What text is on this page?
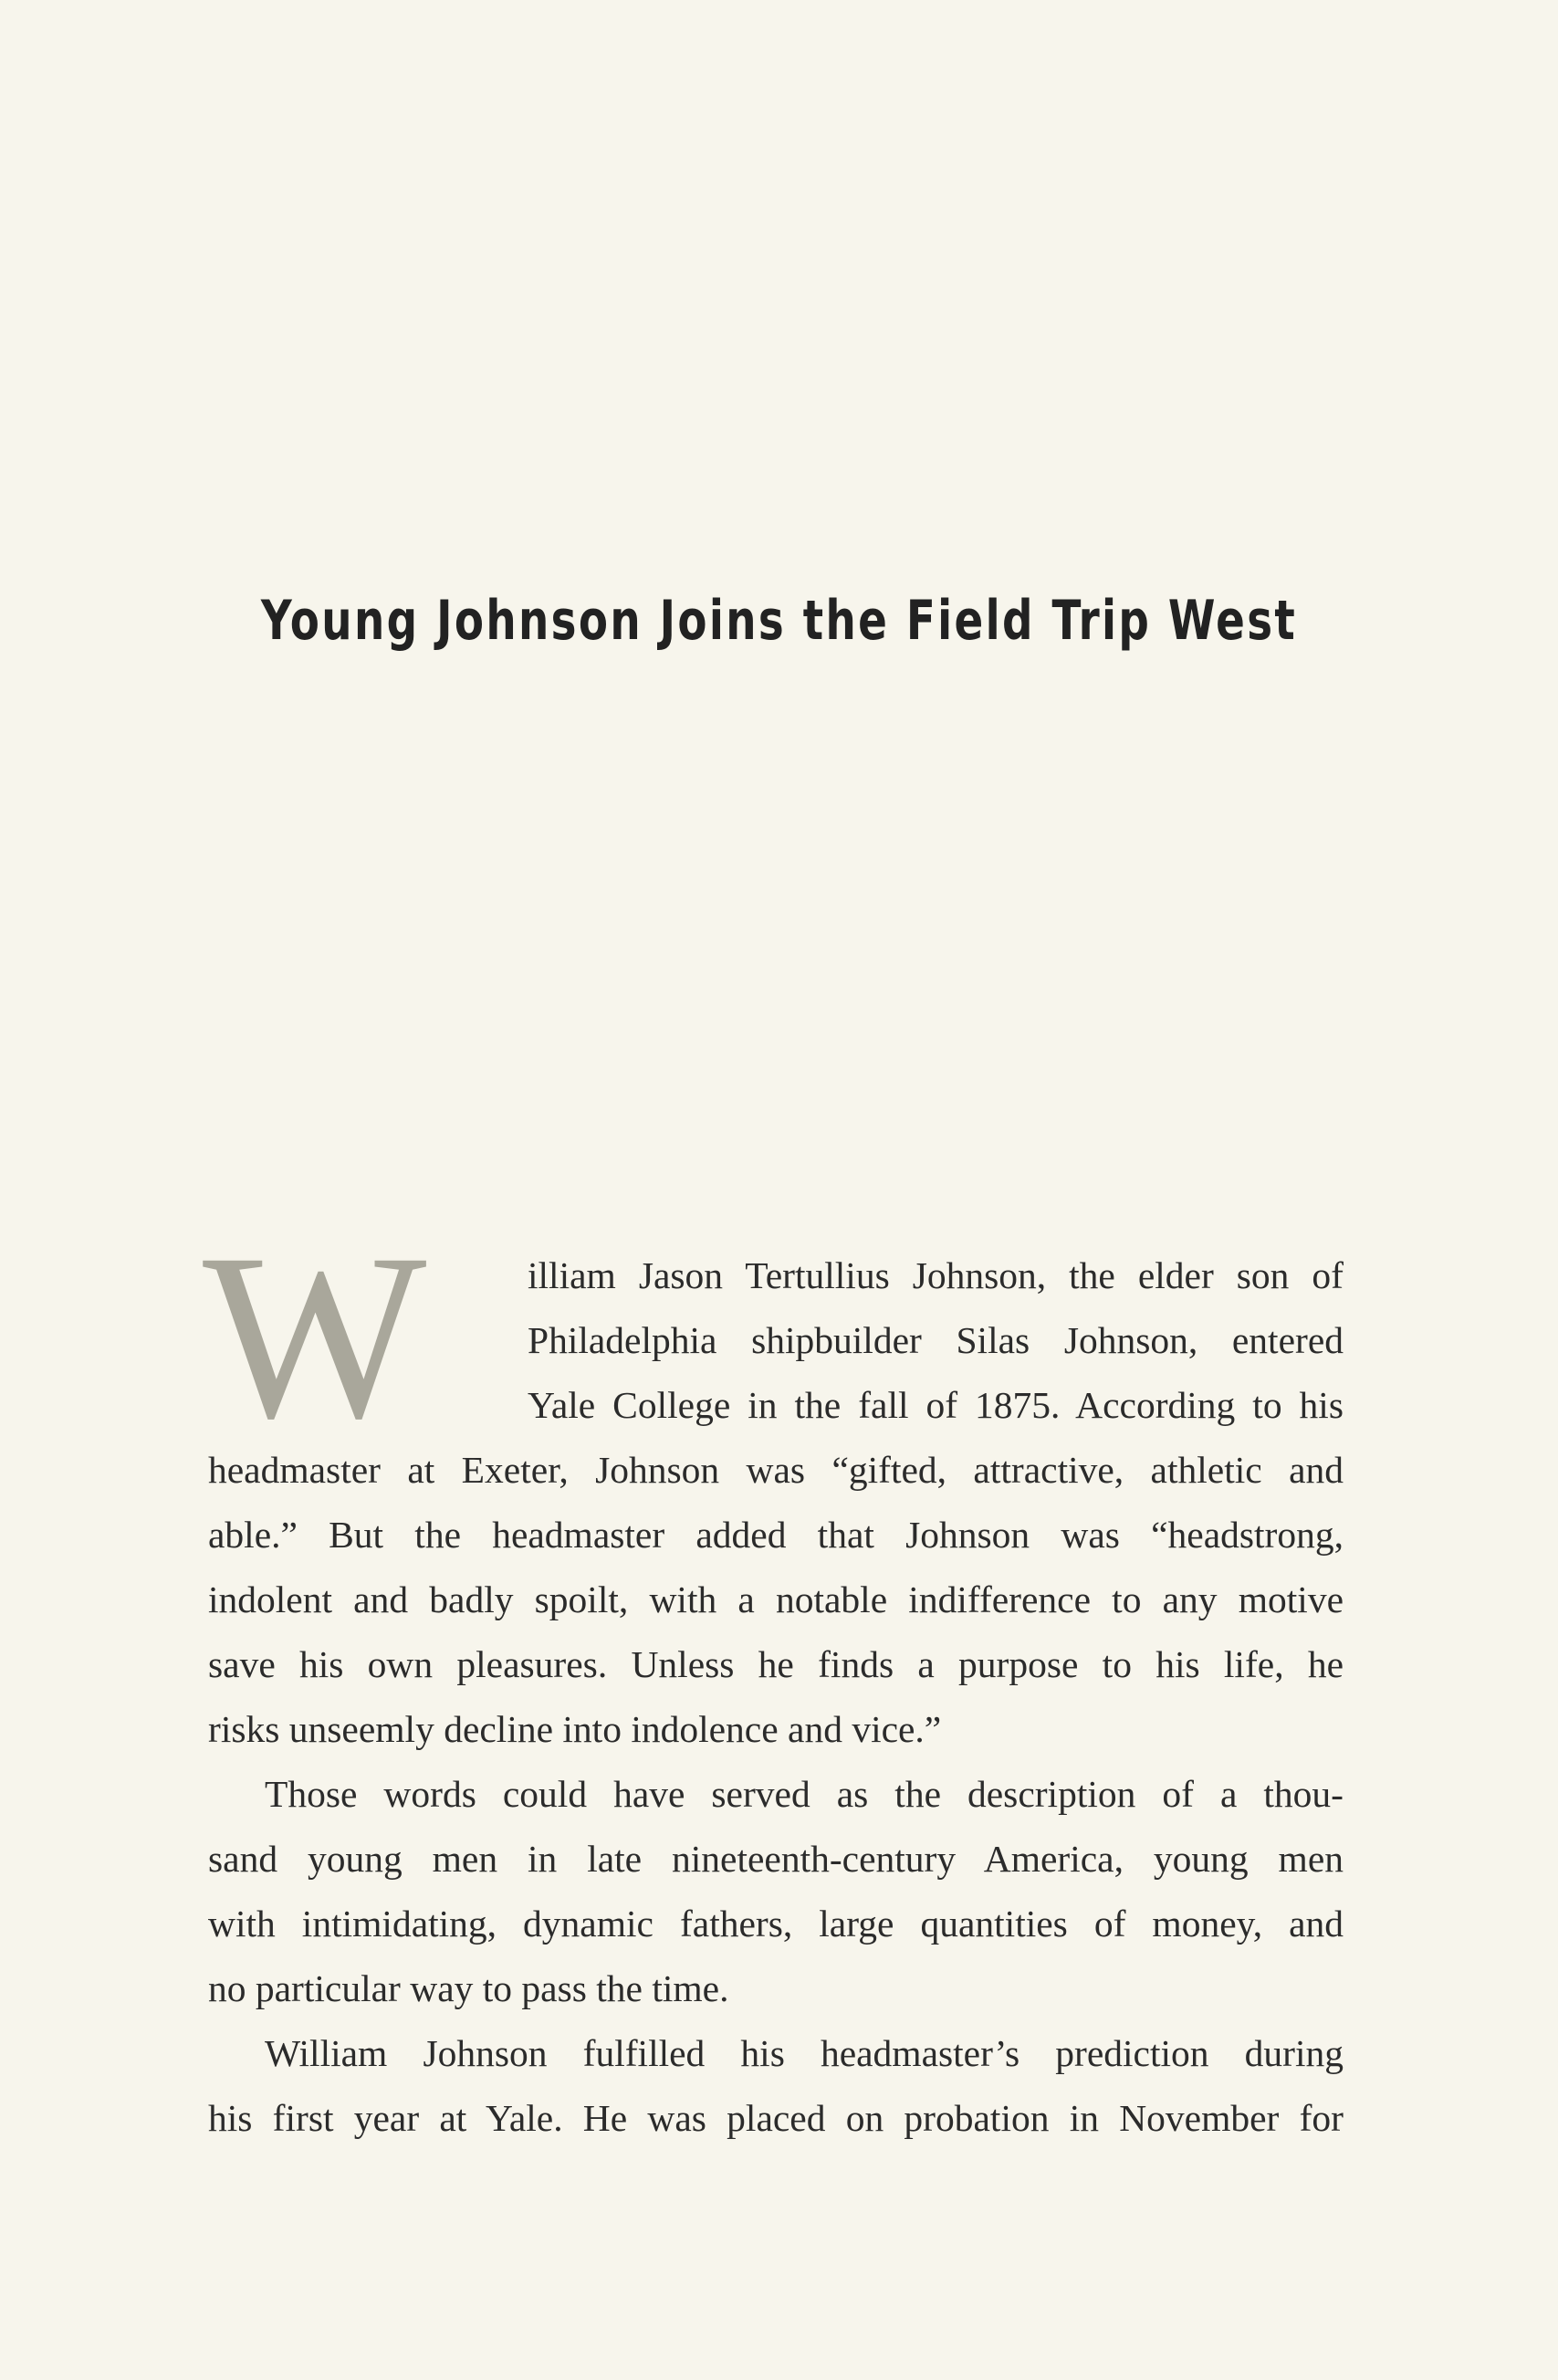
Young Johnson Joins the Field Trip West
W	illiam Jason Tertullius Johnson, the elder son of
Philadelphia shipbuilder Silas Johnson, entered
Yale College in the fall of 1875. According to his
headmaster at Exeter, Johnson was “gifted, attractive, athletic and
able.” But the headmaster added that Johnson was “headstrong,
indolent and badly spoilt, with a notable indifference to any motive
save his own pleasures. Unless he finds a purpose to his life, he
risks unseemly decline into indolence and vice.”
Those words could have served as the description of a thou-
sand young men in late nineteenth-century America, young men
with intimidating, dynamic fathers, large quantities of money, and
no particular way to pass the time.
William Johnson fulfilled his headmaster’s prediction during
his first year at Yale. He was placed on probation in November for
